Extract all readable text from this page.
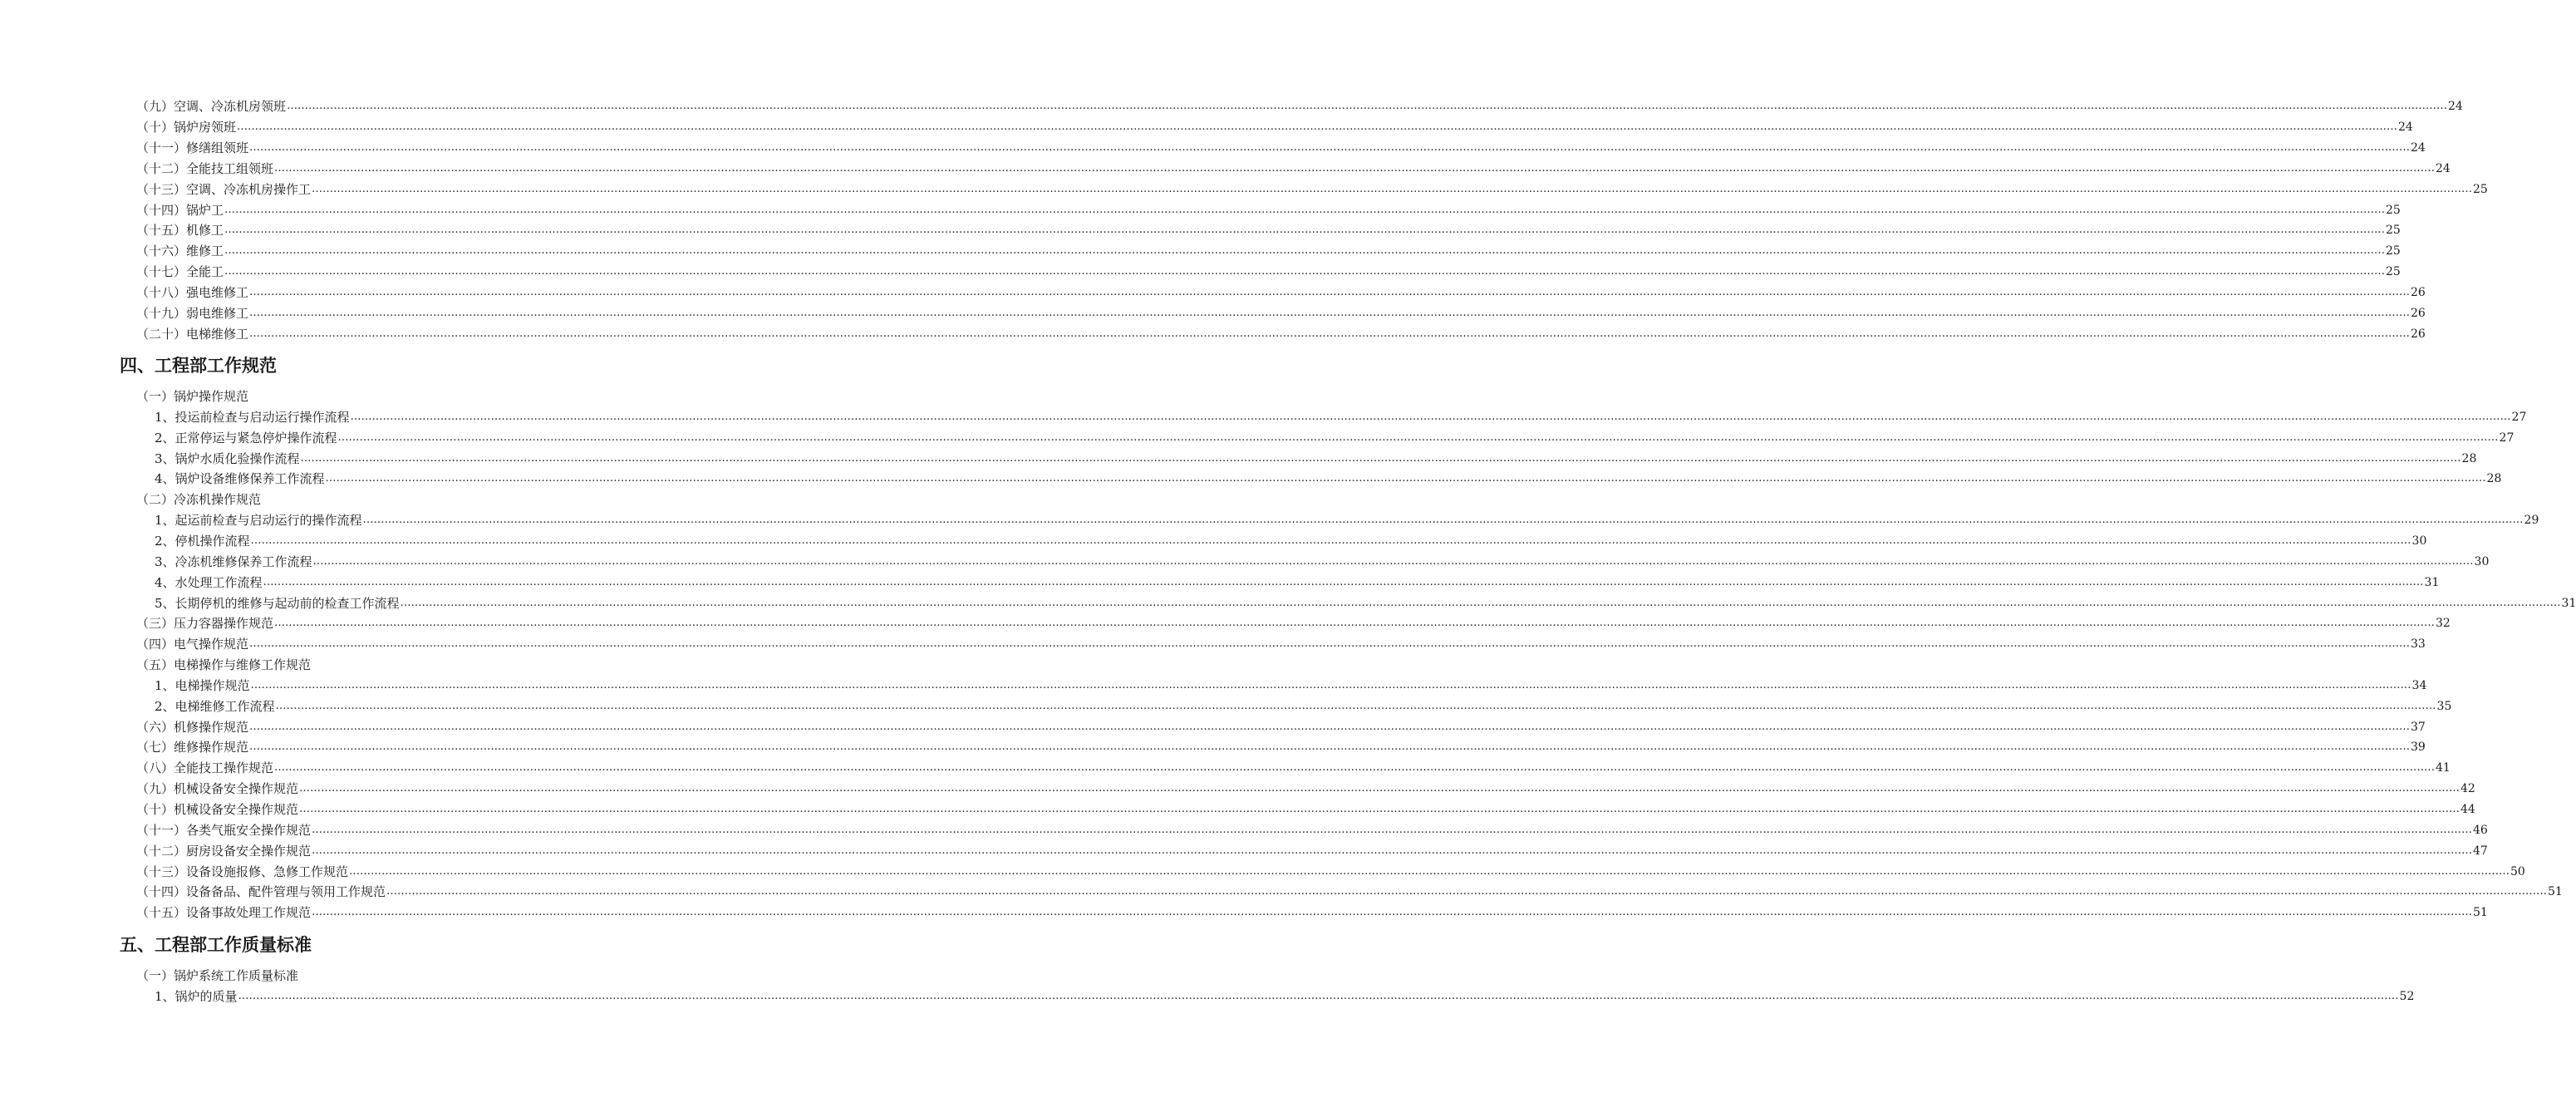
（九）空调、冷冻机房领班 …………………………………………………………………………………………………………………………………………………………………………………………………………………………………………………………………………………………………………………………………………………………………………………………………………………………………………………………………………………………………………………………………………………… 24
（十）锅炉房领班 …………………………………………………………………………………………………………………………………………………………………………………………………………………………………………………………………………………………………………………………………………………………………………………………………………………………………………………………………………………………………………………………………………………… 24
（十一）修缮组领班 …………………………………………………………………………………………………………………………………………………………………………………………………………………………………………………………………………………………………………………………………………………………………………………………………………………………………………………………………………………………………………………………………………………… 24
（十二）全能技工组领班 …………………………………………………………………………………………………………………………………………………………………………………………………………………………………………………………………………………………………………………………………………………………………………………………………………………………………………………………………………………………………………………………………………………… 24
（十三）空调、冷冻机房操作工 …………………………………………………………………………………………………………………………………………………………………………………………………………………………………………………………………………………………………………………………………………………………………………………………………………………………………………………………………………………………………………………………………………………… 25
（十四）锅炉工 …………………………………………………………………………………………………………………………………………………………………………………………………………………………………………………………………………………………………………………………………………………………………………………………………………………………………………………………………………………………………………………………………………………… 25
（十五）机修工 …………………………………………………………………………………………………………………………………………………………………………………………………………………………………………………………………………………………………………………………………………………………………………………………………………………………………………………………………………………………………………………………………………………… 25
（十六）维修工 …………………………………………………………………………………………………………………………………………………………………………………………………………………………………………………………………………………………………………………………………………………………………………………………………………………………………………………………………………………………………………………………………………………… 25
（十七）全能工 …………………………………………………………………………………………………………………………………………………………………………………………………………………………………………………………………………………………………………………………………………………………………………………………………………………………………………………………………………………………………………………………………………………… 25
（十八）强电维修工 …………………………………………………………………………………………………………………………………………………………………………………………………………………………………………………………………………………………………………………………………………………………………………………………………………………………………………………………………………………………………………………………………………………… 26
（十九）弱电维修工 …………………………………………………………………………………………………………………………………………………………………………………………………………………………………………………………………………………………………………………………………………………………………………………………………………………………………………………………………………………………………………………………………………………… 26
（二十）电梯维修工 …………………………………………………………………………………………………………………………………………………………………………………………………………………………………………………………………………………………………………………………………………………………………………………………………………………………………………………………………………………………………………………………………………………… 26
四、工程部工作规范
（一）锅炉操作规范
1、投运前检查与启动运行操作流程 …………………………………………………………………………………………………………………………………………………………………………………………………………………………………………………………………………………………………………………………………………………………………………………………………………………………………………………………………………………………………………………………………………………… 27
2、正常停运与紧急停炉操作流程 …………………………………………………………………………………………………………………………………………………………………………………………………………………………………………………………………………………………………………………………………………………………………………………………………………………………………………………………………………………………………………………………………………………… 27
3、锅炉水质化验操作流程 …………………………………………………………………………………………………………………………………………………………………………………………………………………………………………………………………………………………………………………………………………………………………………………………………………………………………………………………………………………………………………………………………………………… 28
4、锅炉设备维修保养工作流程 …………………………………………………………………………………………………………………………………………………………………………………………………………………………………………………………………………………………………………………………………………………………………………………………………………………………………………………………………………………………………………………………………………………… 28
（二）冷冻机操作规范
1、起运前检查与启动运行的操作流程 …………………………………………………………………………………………………………………………………………………………………………………………………………………………………………………………………………………………………………………………………………………………………………………………………………………………………………………………………………………………………………………………………………………… 29
2、停机操作流程 …………………………………………………………………………………………………………………………………………………………………………………………………………………………………………………………………………………………………………………………………………………………………………………………………………………………………………………………………………………………………………………………………………………… 30
3、冷冻机维修保养工作流程 …………………………………………………………………………………………………………………………………………………………………………………………………………………………………………………………………………………………………………………………………………………………………………………………………………………………………………………………………………………………………………………………………………………… 30
4、水处理工作流程 …………………………………………………………………………………………………………………………………………………………………………………………………………………………………………………………………………………………………………………………………………………………………………………………………………………………………………………………………………………………………………………………………………………… 31
5、长期停机的维修与起动前的检查工作流程 …………………………………………………………………………………………………………………………………………………………………………………………………………………………………………………………………………………………………………………………………………………………………………………………………………………………………………………………………………………………………………………………………………………… 31
（三）压力容器操作规范 …………………………………………………………………………………………………………………………………………………………………………………………………………………………………………………………………………………………………………………………………………………………………………………………………………………………………………………………………………………………………………………………………………………… 32
（四）电气操作规范 …………………………………………………………………………………………………………………………………………………………………………………………………………………………………………………………………………………………………………………………………………………………………………………………………………………………………………………………………………………………………………………………………………………… 33
（五）电梯操作与维修工作规范
1、电梯操作规范 …………………………………………………………………………………………………………………………………………………………………………………………………………………………………………………………………………………………………………………………………………………………………………………………………………………………………………………………………………………………………………………………………………………… 34
2、电梯维修工作流程 …………………………………………………………………………………………………………………………………………………………………………………………………………………………………………………………………………………………………………………………………………………………………………………………………………………………………………………………………………………………………………………………………………………… 35
（六）机修操作规范 …………………………………………………………………………………………………………………………………………………………………………………………………………………………………………………………………………………………………………………………………………………………………………………………………………………………………………………………………………………………………………………………………………………… 37
（七）维修操作规范 …………………………………………………………………………………………………………………………………………………………………………………………………………………………………………………………………………………………………………………………………………………………………………………………………………………………………………………………………………………………………………………………………………………… 39
（八）全能技工操作规范 …………………………………………………………………………………………………………………………………………………………………………………………………………………………………………………………………………………………………………………………………………………………………………………………………………………………………………………………………………………………………………………………………………………… 41
（九）机械设备安全操作规范 …………………………………………………………………………………………………………………………………………………………………………………………………………………………………………………………………………………………………………………………………………………………………………………………………………………………………………………………………………………………………………………………………………………… 42
（十）机械设备安全操作规范 …………………………………………………………………………………………………………………………………………………………………………………………………………………………………………………………………………………………………………………………………………………………………………………………………………………………………………………………………………………………………………………………………………………… 44
（十一）各类气瓶安全操作规范 …………………………………………………………………………………………………………………………………………………………………………………………………………………………………………………………………………………………………………………………………………………………………………………………………………………………………………………………………………………………………………………………………………………… 46
（十二）厨房设备安全操作规范 …………………………………………………………………………………………………………………………………………………………………………………………………………………………………………………………………………………………………………………………………………………………………………………………………………………………………………………………………………………………………………………………………………………… 47
（十三）设备设施报修、急修工作规范 …………………………………………………………………………………………………………………………………………………………………………………………………………………………………………………………………………………………………………………………………………………………………………………………………………………………………………………………………………………………………………………………………………………… 50
（十四）设备备品、配件管理与领用工作规范 …………………………………………………………………………………………………………………………………………………………………………………………………………………………………………………………………………………………………………………………………………………………………………………………………………………………………………………………………………………………………………………………………………………… 51
（十五）设备事故处理工作规范 …………………………………………………………………………………………………………………………………………………………………………………………………………………………………………………………………………………………………………………………………………………………………………………………………………………………………………………………………………………………………………………………………………………… 51
五、工程部工作质量标准
（一）锅炉系统工作质量标准
1、锅炉的质量 …………………………………………………………………………………………………………………………………………………………………………………………………………………………………………………………………………………………………………………………………………………………………………………………………………………………………………………………………………………………………………………………………………………… 52
